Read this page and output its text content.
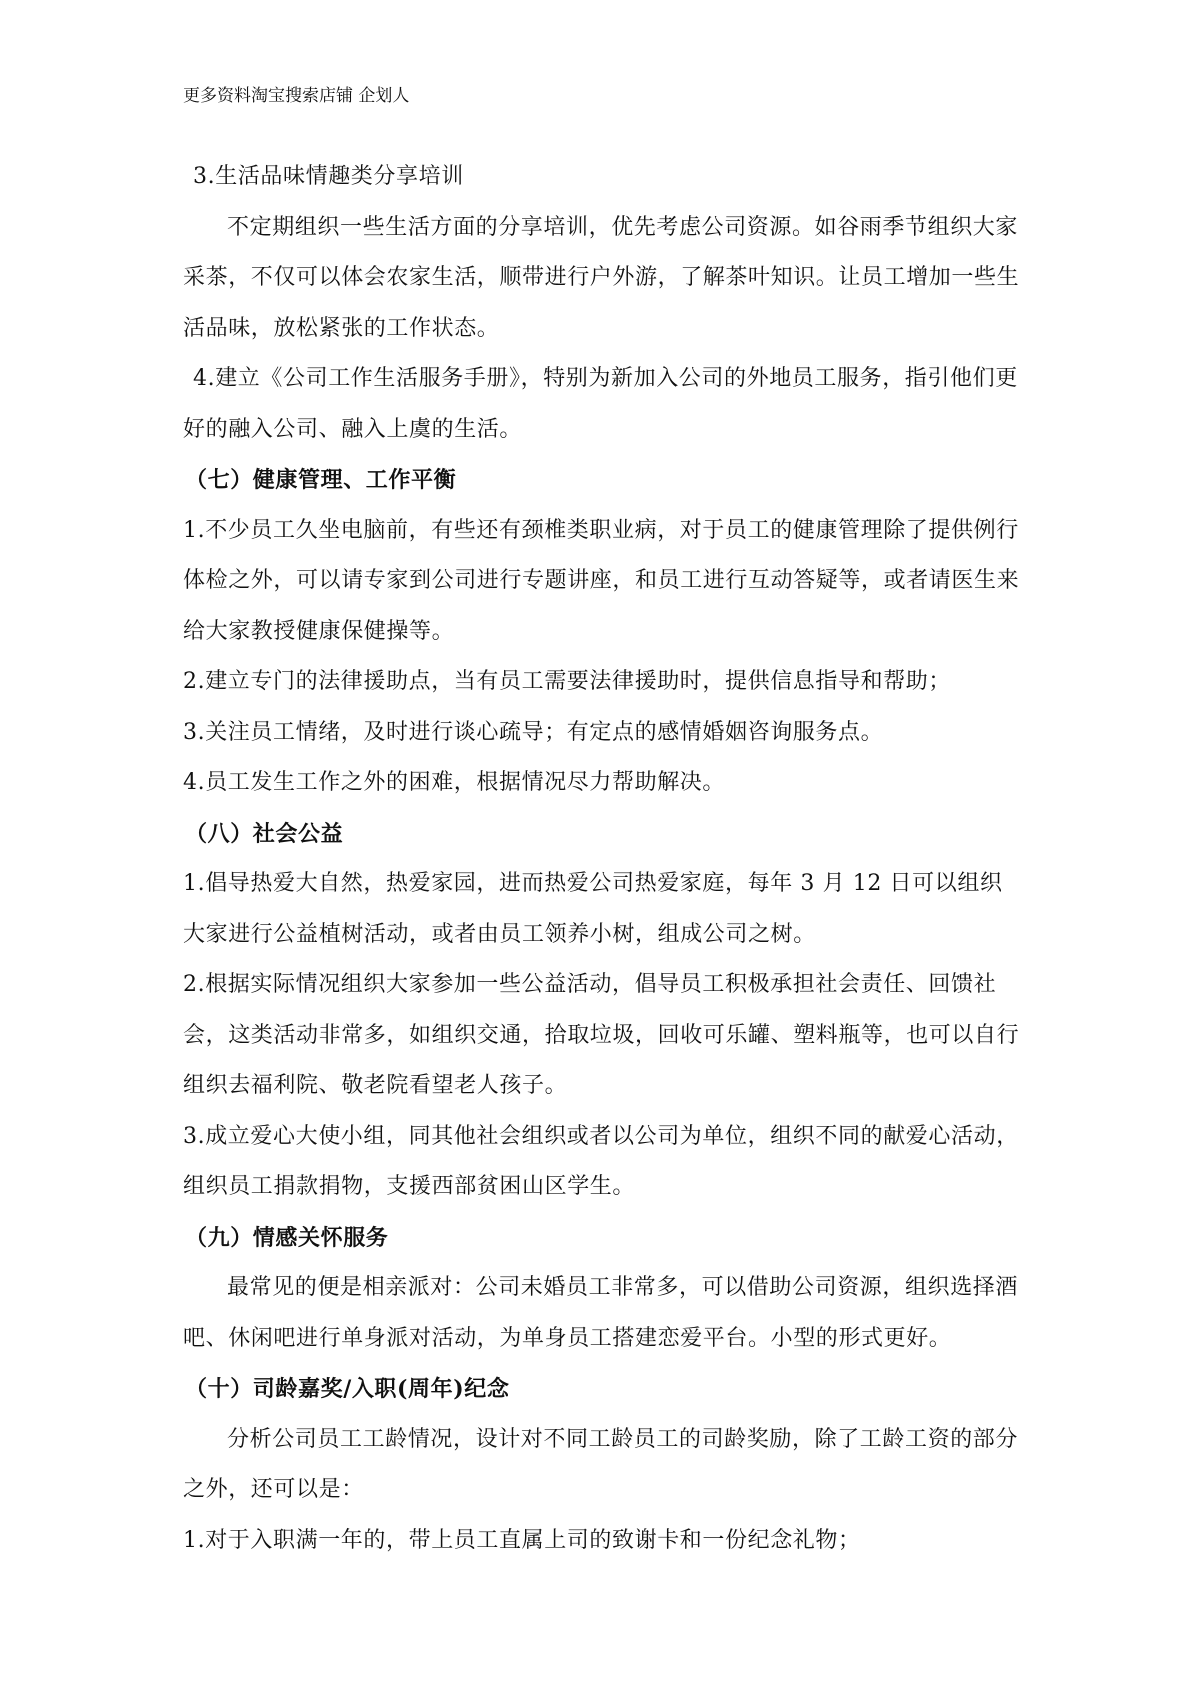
更多资料淘宝搜索店铺 企划人

3.生活品味情趣类分享培训

不定期组织一些生活方面的分享培训，优先考虑公司资源。如谷雨季节组织大家采茶，不仅可以体会农家生活，顺带进行户外游，了解茶叶知识。让员工增加一些生活品味，放松紧张的工作状态。

4.建立《公司工作生活服务手册》，特别为新加入公司的外地员工服务，指引他们更好的融入公司、融入上虞的生活。

（七）健康管理、工作平衡

1.不少员工久坐电脑前，有些还有颈椎类职业病，对于员工的健康管理除了提供例行体检之外，可以请专家到公司进行专题讲座，和员工进行互动答疑等，或者请医生来给大家教授健康保健操等。

2.建立专门的法律援助点，当有员工需要法律援助时，提供信息指导和帮助；

3.关注员工情绪，及时进行谈心疏导；有定点的感情婚姻咨询服务点。

4.员工发生工作之外的困难，根据情况尽力帮助解决。

（八）社会公益

1.倡导热爱大自然，热爱家园，进而热爱公司热爱家庭，每年 3 月 12 日可以组织大家进行公益植树活动，或者由员工领养小树，组成公司之树。

2.根据实际情况组织大家参加一些公益活动，倡导员工积极承担社会责任、回馈社会，这类活动非常多，如组织交通，拾取垃圾，回收可乐罐、塑料瓶等，也可以自行组织去福利院、敬老院看望老人孩子。

3.成立爱心大使小组，同其他社会组织或者以公司为单位，组织不同的献爱心活动，组织员工捐款捐物，支援西部贫困山区学生。

（九）情感关怀服务

最常见的便是相亲派对：公司未婚员工非常多，可以借助公司资源，组织选择酒吧、休闲吧进行单身派对活动，为单身员工搭建恋爱平台。小型的形式更好。

（十）司龄嘉奖/入职(周年)纪念

分析公司员工工龄情况，设计对不同工龄员工的司龄奖励，除了工龄工资的部分之外，还可以是：

1.对于入职满一年的，带上员工直属上司的致谢卡和一份纪念礼物；
